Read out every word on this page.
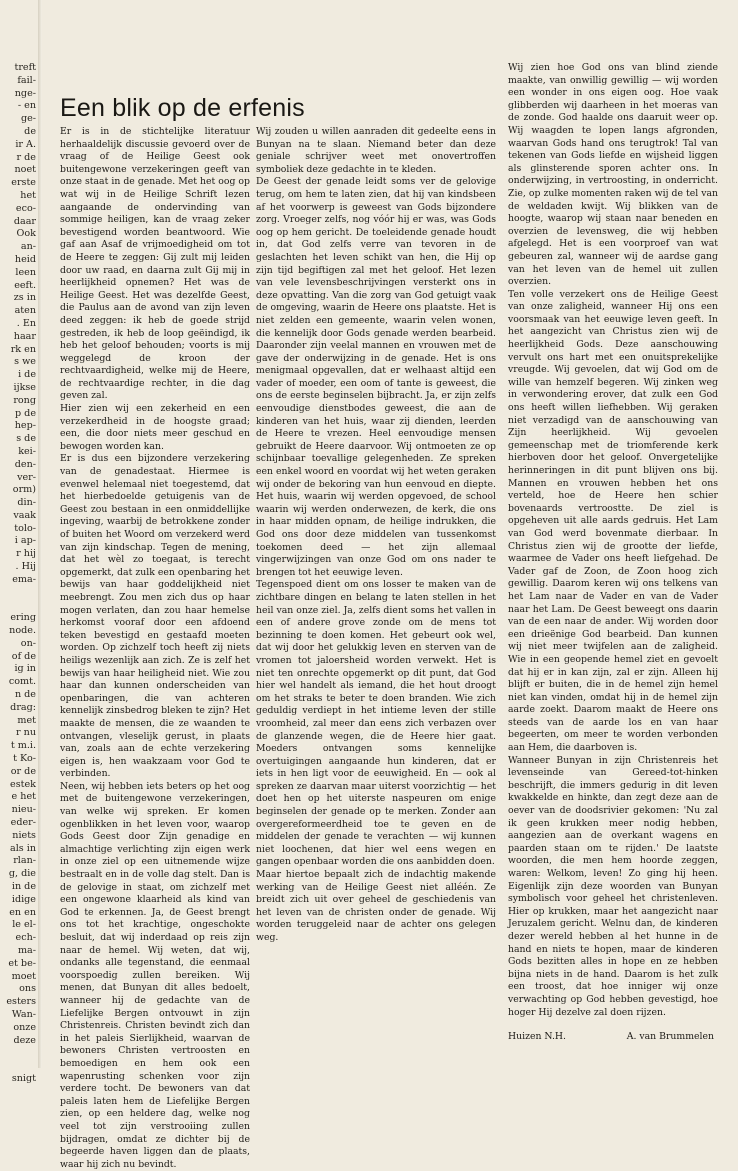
treft
fail-
nge-
- en
ge-
de
ir A.
r de
noet
erste
het
eco-
daar
Ook
an-
heid
leen
eeft.
zs in
aten
. En
haar
rk en
s we
i de
ijkse
rong
p de
hep-
s de
kei-
den-
ver-
orm)
din-
vaak
tolo-
i ap-
r hij
. Hij
ema-
ering
node.
on-
of de
ig in
comt.
n de
drag:
met
r nu
t m.i.
t Ko-
or de
estek
e het
nieu-
eder-
niets
als in
rlan-
g, die
in de
idige
en en
le el-
ech-
ma-
et be-
moet
ons
esters
Wan-
onze
deze
snigt
Een blik op de erfenis

Er is in de stichtelijke literatuur herhaaldelijk discussie gevoerd over de vraag of de Heilige Geest ook buitengewone verzekeringen geeft van onze staat in de genade. Met het oog op wat wij in de Heilige Schrift lezen aangaande de ondervinding van sommige heiligen, kan de vraag zeker bevestigend worden beantwoord. Wie gaf aan Asaf de vrijmoedigheid om tot de Heere te zeggen: Gij zult mij leiden door uw raad, en daarna zult Gij mij in heerlijkheid opnemen? Het was de Heilige Geest. Het was dezelfde Geest, die Paulus aan de avond van zijn leven deed zeggen: ik heb de goede strijd gestreden, ik heb de loop geëindigd, ik heb het geloof behouden; voorts is mij weggelegd de kroon der rechtvaardigheid, welke mij de Heere, de rechtvaardige rechter, in die dag geven zal.

Hier zien wij een zekerheid en een verzekerdheid in de hoogste graad; een, die door niets meer geschud en bewogen worden kan.

Er is dus een bijzondere verzekering van de genadestaat. Hiermee is evenwel helemaal niet toegestemd, dat het hierbedoelde getuigenis van de Geest zou bestaan in een onmiddellijke ingeving, waarbij de betrokkene zonder of buiten het Woord om verzekerd werd van zijn kindschap. Tegen de mening, dat het wèl zo toegaat, is terecht opgemerkt, dat zulk een openbaring het bewijs van haar goddelijkheid niet meebrengt. Zou men zich dus op haar mogen verlaten, dan zou haar hemelse herkomst vooraf door een afdoend teken bevestigd en gestaafd moeten worden. Op zichzelf toch heeft zij niets heiligs wezenlijk aan zich. Ze is zelf het bewijs van haar heiligheid niet. Wie zou haar dan kunnen onderscheiden van openbaringen, die van achteren kennelijk zinsbedrog bleken te zijn? Het maakte de mensen, die ze waanden te ontvangen, vleselijk gerust, in plaats van, zoals aan de echte verzekering eigen is, hen waakzaam voor God te verbinden.

Neen, wij hebben iets beters op het oog met de buitengewone verzekeringen, van welke wij spreken. Er komen ogenblikken in het leven voor, waarop Gods Geest door Zijn genadige en almachtige verlichting zijn eigen werk in onze ziel op een uitnemende wijze bestraalt en in de volle dag stelt. Dan is de gelovige in staat, om zichzelf met een ongewone klaarheid als kind van God te erkennen. Ja, de Geest brengt ons tot het krachtige, ongeschokte besluit, dat wij inderdaad op reis zijn naar de hemel. Wij weten, dat wij, ondanks alle tegenstand, die eenmaal voorspoedig zullen bereiken. Wij menen, dat Bunyan dit alles bedoelt, wanneer hij de gedachte van de Liefelijke Bergen ontvouwt in zijn Christenreis. Christen bevindt zich dan in het paleis Sierlijkheid, waarvan de bewoners Christen vertroosten en bemoedigen en hem ook een wapenrusting schenken voor zijn verdere tocht. De bewoners van dat paleis laten hem de Liefelijke Bergen zien, op een heldere dag, welke nog veel tot zijn verstrooiing zullen bijdragen, omdat ze dichter bij de begeerde haven liggen dan de plaats, waar hij zich nu bevindt.

Wij zouden u willen aanraden dit gedeelte eens in Bunyan na te slaan. Niemand beter dan deze geniale schrijver weet met onovertroffen symboliek deze gedachte in te kleden.

De Geest der genade leidt soms ver de gelovige terug, om hem te laten zien, dat hij van kindsbeen af het voorwerp is geweest van Gods bijzondere zorg. Vroeger zelfs, nog vóór hij er was, was Gods oog op hem gericht. De toeleidende genade houdt in, dat God zelfs verre van tevoren in de geslachten het leven schikt van hen, die Hij op zijn tijd begiftigen zal met het geloof. Het lezen van vele levensbeschrijvingen versterkt ons in deze opvatting. Van die zorg van God getuigt vaak de omgeving, waarin de Heere ons plaatste. Het is niet zelden een gemeente, waarin velen wonen, die kennelijk door Gods genade werden bearbeid. Daaronder zijn veelal mannen en vrouwen met de gave der onderwijzing in de genade. Het is ons menigmaal opgevallen, dat er welhaast altijd een vader of moeder, een oom of tante is geweest, die ons de eerste beginselen bijbracht. Ja, er zijn zelfs eenvoudige dienstbodes geweest, die aan de kinderen van het huis, waar zij dienden, leerden de Heere te vrezen. Heel eenvoudige mensen gebruikt de Heere daarvoor. Wij ontmoeten ze op schijnbaar toevallige gelegenheden. Ze spreken een enkel woord en voordat wij het weten geraken wij onder de bekoring van hun eenvoud en diepte. Het huis, waarin wij werden opgevoed, de school waarin wij werden onderwezen, de kerk, die ons in haar midden opnam, de heilige indrukken, die God ons door deze middelen van tussenkomst toekomen deed — het zijn allemaal vingerwijzingen van onze God om ons nader te brengen tot het eeuwige leven.

Tegenspoed dient om ons losser te maken van de zichtbare dingen en belang te laten stellen in het heil van onze ziel. Ja, zelfs dient soms het vallen in een of andere grove zonde om de mens tot bezinning te doen komen. Het gebeurt ook wel, dat wij door het gelukkig leven en sterven van de vromen tot jaloersheid worden verwekt. Het is niet ten onrechte opgemerkt op dit punt, dat God hier wel handelt als iemand, die het hout droogt om het straks te beter te doen branden. Wie zich geduldig verdiept in het intieme leven der stille vroomheid, zal meer dan eens zich verbazen over de glanzende wegen, die de Heere hier gaat. Moeders ontvangen soms kennelijke overtuigingen aangaande hun kinderen, dat er iets in hen ligt voor de eeuwigheid. En — ook al spreken ze daarvan maar uiterst voorzichtig — het doet hen op het uiterste naspeuren om enige beginselen der genade op te merken. Zonder aan overgereformeerdheid toe te geven en de middelen der genade te verachten — wij kunnen niet loochenen, dat hier wel eens wegen en gangen openbaar worden die ons aanbidden doen.

Maar hiertoe bepaalt zich de indachtig makende werking van de Heilige Geest niet alléén. Ze breidt zich uit over geheel de geschiedenis van het leven van de christen onder de genade. Wij worden teruggeleid naar de achter ons gelegen weg.

Wij zien hoe God ons van blind ziende maakte, van onwillig gewillig — wij worden een wonder in ons eigen oog. Hoe vaak glibberden wij daarheen in het moeras van de zonde. God haalde ons daaruit weer op. Wij waagden te lopen langs afgronden, waarvan Gods hand ons terugtrok! Tal van tekenen van Gods liefde en wijsheid liggen als glinsterende sporen achter ons. In onderwijzing, in vertroosting, in onderricht. Zie, op zulke momenten raken wij de tel van de weldaden kwijt. Wij blikken van de hoogte, waarop wij staan naar beneden en overzien de levensweg, die wij hebben afgelegd. Het is een voorproef van wat gebeuren zal, wanneer wij de aardse gang van het leven van de hemel uit zullen overzien.

Ten volle verzekert ons de Heilige Geest van onze zaligheid, wanneer Hij ons een voorsmaak van het eeuwige leven geeft. In het aangezicht van Christus zien wij de heerlijkheid Gods. Deze aanschouwing vervult ons hart met een onuitsprekelijke vreugde. Wij gevoelen, dat wij God om de wille van hemzelf begeren. Wij zinken weg in verwondering erover, dat zulk een God ons heeft willen liefhebben. Wij geraken niet verzadigd van de aanschouwing van Zijn heerlijkheid. Wij gevoelen gemeenschap met de triomferende kerk hierboven door het geloof. Onvergetelijke herinneringen in dit punt blijven ons bij. Mannen en vrouwen hebben het ons verteld, hoe de Heere hen schier bovenaards vertroostte. De ziel is opgeheven uit alle aards gedruis. Het Lam van God werd bovenmate dierbaar. In Christus zien wij de grootte der liefde, waarmee de Vader ons heeft liefgehad. De Vader gaf de Zoon, de Zoon hoog zich gewillig. Daarom keren wij ons telkens van het Lam naar de Vader en van de Vader naar het Lam. De Geest beweegt ons daarin van de een naar de ander. Wij worden door een drieënige God bearbeid. Dan kunnen wij niet meer twijfelen aan de zaligheid. Wie in een geopende hemel ziet en gevoelt dat hij er in kan zijn, zal er zijn. Alleen hij blijft er buiten, die in de hemel zijn hemel niet kan vinden, omdat hij in de hemel zijn aarde zoekt. Daarom maakt de Heere ons steeds van de aarde los en van haar begeerten, om meer te worden verbonden aan Hem, die daarboven is.

Wanneer Bunyan in zijn Christenreis het levenseinde van Gereed-tot-hinken beschrijft, die immers gedurig in dit leven kwakkelde en hinkte, dan zegt deze aan de oever van de doodsrivier gekomen: 'Nu zal ik geen krukken meer nodig hebben, aangezien aan de overkant wagens en paarden staan om te rijden.' De laatste woorden, die men hem hoorde zeggen, waren: Welkom, leven! Zo ging hij heen. Eigenlijk zijn deze woorden van Bunyan symbolisch voor geheel het christenleven. Hier op krukken, maar het aangezicht naar Jeruzalem gericht. Welnu dan, de kinderen dezer wereld hebben al het hunne in de hand en niets te hopen, maar de kinderen Gods bezitten alles in hope en ze hebben bijna niets in de hand. Daarom is het zulk een troost, dat hoe inniger wij onze verwachting op God hebben gevestigd, hoe hoger Hij dezelve zal doen rijzen.

Huizen N.H.	A. van Brummelen
